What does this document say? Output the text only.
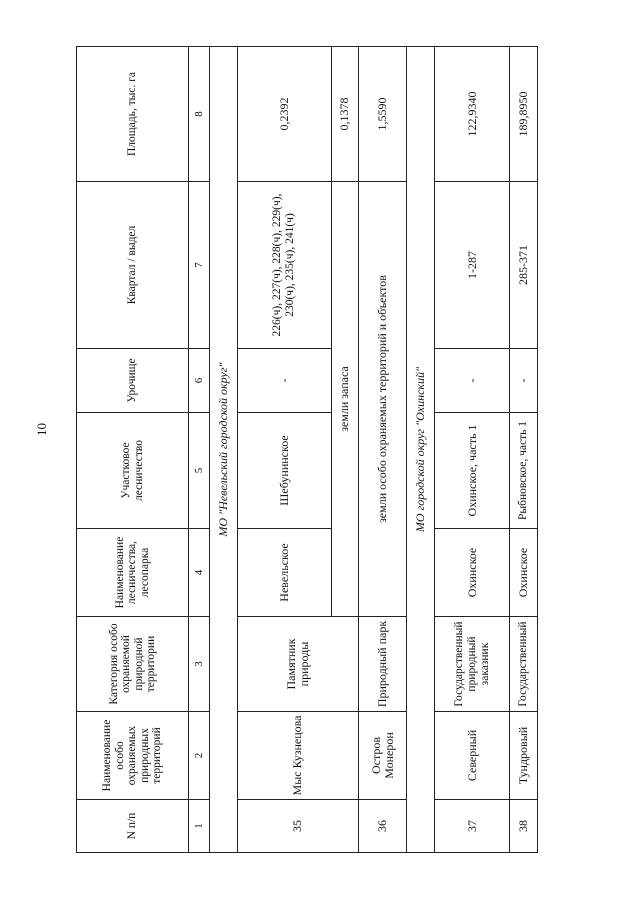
10
N п/п	Наименование особо охраняемых природных территорий	Категория особо охраняемой природной территории	Наименование лесничества, лесопарка	Участковое лесничество	Урочище	Квартал / выдел	Площадь, тыс. га
1	2	3	4	5	6	7	8
МО "Невельский городской округ"							
35	Мыс Кузнецова	Памятник природы	Невельское	Шебунинское	-	226(ч), 227(ч), 228(ч), 229(ч), 230(ч), 235(ч), 241(ч)	0,2392
			земли запаса				0,1378
36	Остров Монерон	Природный парк	земли особо охраняемых территорий и объектов				1,5590
МО городской округ "Охинский"							
37	Северный	Государственный природный заказник	Охинское	Охинское, часть 1	-	1-287	122,9340
38	Тундровый	Государственный	Охинское	Рыбновское, часть 1	-	285-371	189,8950
